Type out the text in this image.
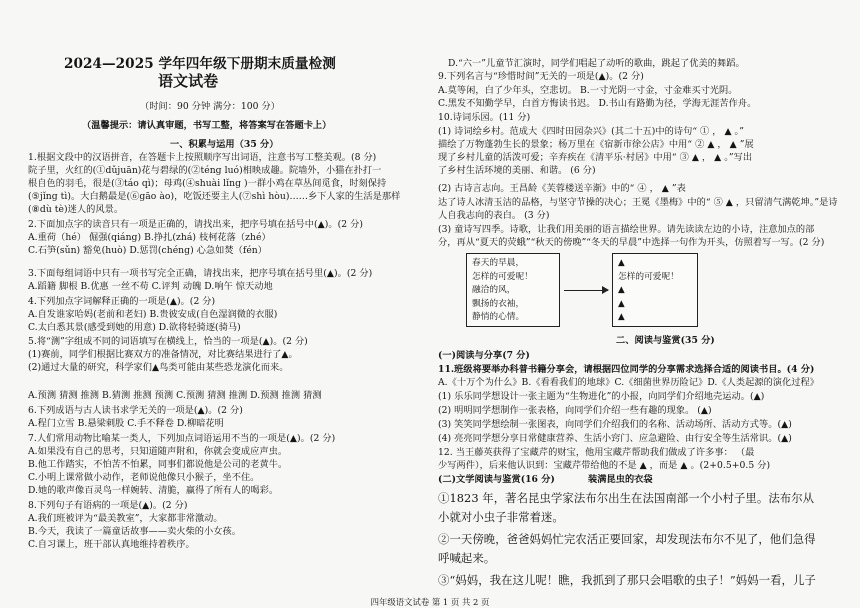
2024—2025 学年四年级下册期末质量检测
语文试卷
（时间：90 分钟 满分：100 分）
（温馨提示：请认真审题，书写工整，将答案写在答题卡上）
一、积累与运用（35 分）
1.根据文段中的汉语拼音，在答题卡上按照顺序写出词语，注意书写工整美观。(8 分)
院子里，火红的(①dǔjuān)花与碧绿的(②téng luó)相映成趣。院墙外，小猫在扑打一
根自色的羽毛，很是(③táo qì)；母鸡(④shuài lǐng )一群小鸡在草丛间觅食，时刻保持
(⑤jǐng tì)。大白鹅最是(⑥gāo ào)，吃饭还要主人(⑦shì hòu)……乡下人家的生活是那样
(⑧dù tè)迷人的风景。
2.下面加点字的读音只有一项是正确的，请找出来，把序号填在括号中(▲)。(2 分)
A.重荷（hé） 倔强(qiáng) B.挣扎(zhá) 枝柯花落（zhé）
C.石笋(sǔn) 豁免(huò) D.惩罚(chéng) 心急如焚（fén）
3.下面每组词语中只有一项书写完全正确，请找出来，把序号填在括号里(▲)。(2 分)
A.蹈籍 脚根 B.优惠 一丝不苟 C.评判 动魄 D.响午 惊天动地
4.下列加点字词解释正确的一项是(▲)。(2 分)
A.自发谁家哈妈(老前和老妇) B.贵彼安成(自色湿润微的衣服)
C.太白悉其景(感受到她的用意) D.欲将轻骑逐(骑马)
5.将“测”字组成不同的词语填写在横线上，恰当的一项是(▲)。(2 分)
(1)赛前，同学们根据比赛双方的准备情况，对比赛结果进行了▲。
(2)通过大量的研究，科学家们▲鸟类可能由某些恐龙演化而来。
A.预测 猜测 推测 B.猜测 推测 预测 C.预测 猜测 推测 D.预测 推测 猜测
6.下列成语与古人读书求学无关的一项是(▲)。(2 分)
A.程门立雪 B.悬梁刺股 C.手不释卷 D.柳暗花明
7.人们常用动物比喻某一类人，下列加点词语运用不当的一项是(▲)。(2 分)
A.如果没有自己的思考，只知道随声附和，你就会变成应声虫。
B.他工作踏实，不怕苦不怕累，同事们都说他是公司的老黄牛。
C.小明上课常做小动作，老师说他像只小猴子，坐不住。
D.她的歌声像百灵鸟一样婉转、清脆，赢得了所有人的喝彩。
8.下列句子有语病的一项是(▲)。(2 分)
A.我们班被评为“最美教室”，大家都非常激动。
B.今天，我读了一篇童话故事——卖火柴的小女孩。
C.自习课上，班干部认真地维持着秩序。
D.“六一”儿童节汇演时，同学们唱起了动听的歌曲，跳起了优美的舞蹈。
9.下列名言与“珍惜时间”无关的一项是(▲)。(2 分)
A.莫等闲，白了少年头，空悲切。 B.一寸光阴一寸金，寸金难买寸光阴。
C.黑发不知勤学早，白首方悔读书迟。 D.书山有路勤为径，学海无涯苦作舟。
10.诗词乐园。(11 分)
(1) 诗词绘乡村。范成大《四时田园杂兴》(其二十五)中的诗句“ ① ， ▲ 。”
描绘了万物蓬勃生长的景象；杨万里在《宿新市徐公店》中用“ ② ▲ ， ▲ ”展
现了乡村儿童的活泼可爱；辛弃疾在《清平乐·村居》中用“ ③ ▲ ， ▲ 。”写出
了乡村生活环境的美丽、和谐。 (6 分)
(2) 古诗言志向。王昌龄《芙蓉楼送辛渐》中的“ ④ ， ▲ ”表
达了诗人冰清玉洁的品格，与坚守节操的决心；王冕《墨梅》中的“ ⑤ ▲ ，只留清气满乾坤。”是诗
人自我志向的表白。 (3 分)
(3) 童诗写四季。诗歌，让我们用美丽的语言描绘世界。请先读读左边的小诗，注意加点的部
分，再从“夏天的荧蛾”“秋天的傍晚”“冬天的早晨”中选择一句作为开头，仿照着写一写。(2 分)
二、阅读与鉴赏(35 分)
(一)阅读与分享(7 分)
11.班级将要举办科普书籍分享会，请根据四位同学的分享需求选择合适的阅读书目。(4 分)
A.《十万个为什么》B.《看看我们的地球》C.《细菌世界历险记》D.《人类起源的演化过程》
(1) 乐乐同学想设计一张主题为“生物进化”的小报，向同学们介绍地壳运动。(▲)
(2) 明明同学想制作一张表格，向同学们介绍一些有趣的现象。 (▲)
(3) 笑笑同学想绘制一张图表，向同学们介绍我们的名称、活动场所、活动方式等。(▲)
(4) 亮亮同学想分享日常健康营养、生活小窍门、应急避险、由行安全等生活常识。(▲)
12. 当王藤英获得了宝藏芹的财宝，他用宝藏芹帮助我们做成了许多事： （最
少写两件），后来他认识到：宝藏芹带给他的不是 ▲ ，而是 ▲ 。(2+0.5+0.5 分)
(二)文学阅读与鉴赏(16 分)	装满昆虫的衣袋
①1823 年，著名昆虫学家法布尔出生在法国南部一个小村子里。法布尔从
小就对小虫子非常着迷。
②一天傍晚，爸爸妈妈忙完农活正要回家，却发现法布尔不见了，他们急得
呼喊起来。
③“妈妈，我在这儿呢！瞧，我抓到了那只会唱歌的虫子！”妈妈一看，儿子
春天的早晨，
怎样的可爱呢！
融洽的风，
飘扬的衣袖，
静悄的心情。
▲
怎样的可爱呢！
▲
▲
▲
四年级语文试卷 第 1 页 共 2 页
